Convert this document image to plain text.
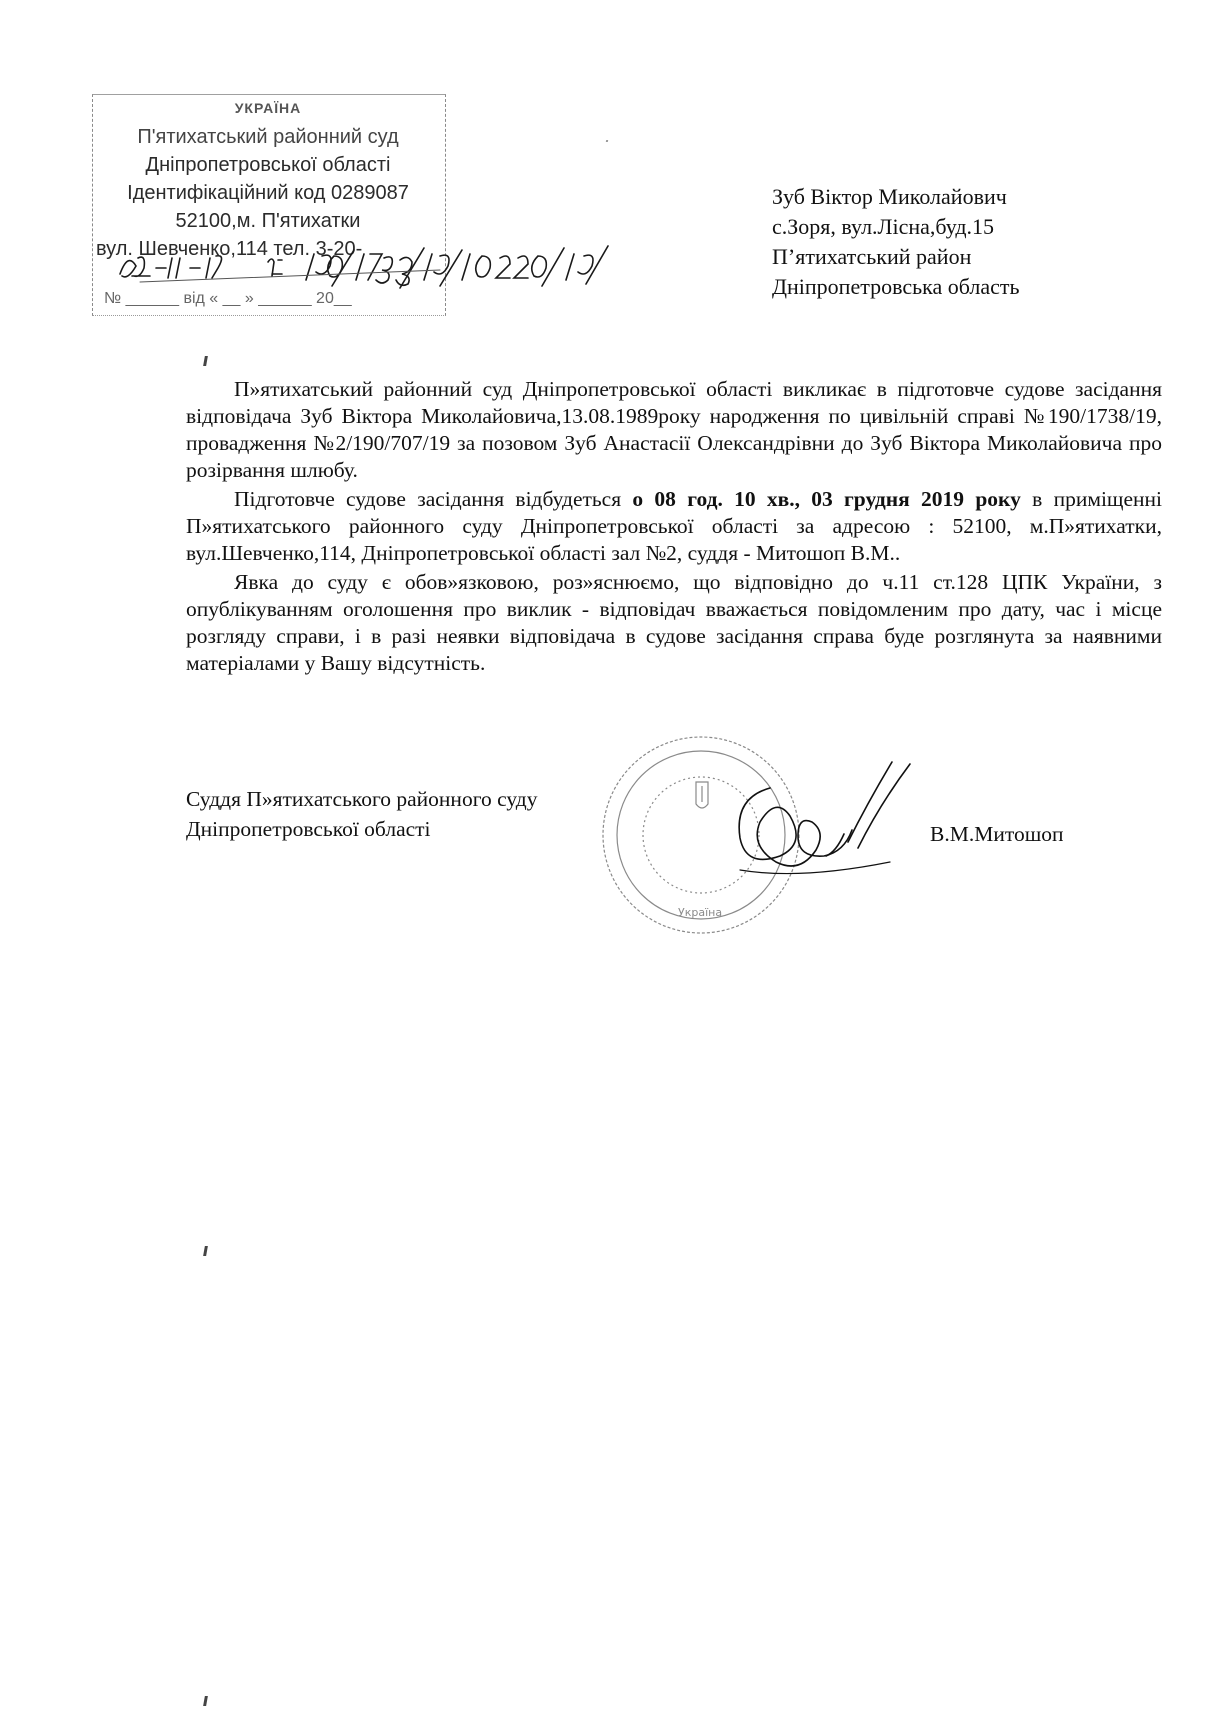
УКРАЇНА
П'ятихатський районний суд
Дніпропетровської області
Ідентифікаційний код 0289087
52100,м. П'ятихатки
вул. Шевченко,114 тел. 3-20-
№ ______ від « __ » ______ 20__
Зуб Віктор Миколайович
с.Зоря, вул.Лісна,буд.15
П’ятихатський район
Дніпропетровська область

П»ятихатський районний суд Дніпропетровської області викликає в підготовче судове засідання відповідача Зуб Віктора Миколайовича,13.08.1989року народження по цивільній справі №190/1738/19, провадження №2/190/707/19 за позовом Зуб Анастасії Олександрівни до Зуб Віктора Миколайовича про розірвання шлюбу.

Підготовче судове засідання відбудеться о 08 год. 10 хв., 03 грудня 2019 року в приміщенні П»ятихатського районного суду Дніпропетровської області за адресою : 52100, м.П»ятихатки, вул.Шевченко,114, Дніпропетровської області зал №2, суддя - Митошоп В.М..

Явка до суду є обов»язковою, роз»яснюємо, що відповідно до ч.11 ст.128 ЦПК України, з опублікуванням оголошення про виклик - відповідач вважається повідомленим про дату, час і місце розгляду справи, і в разі неявки відповідача в судове засідання справа буде розглянута за наявними матеріалами у Вашу відсутність.

Суддя П»ятихатського районного суду
Дніпропетровської області
Україна
В.М.Митошоп
